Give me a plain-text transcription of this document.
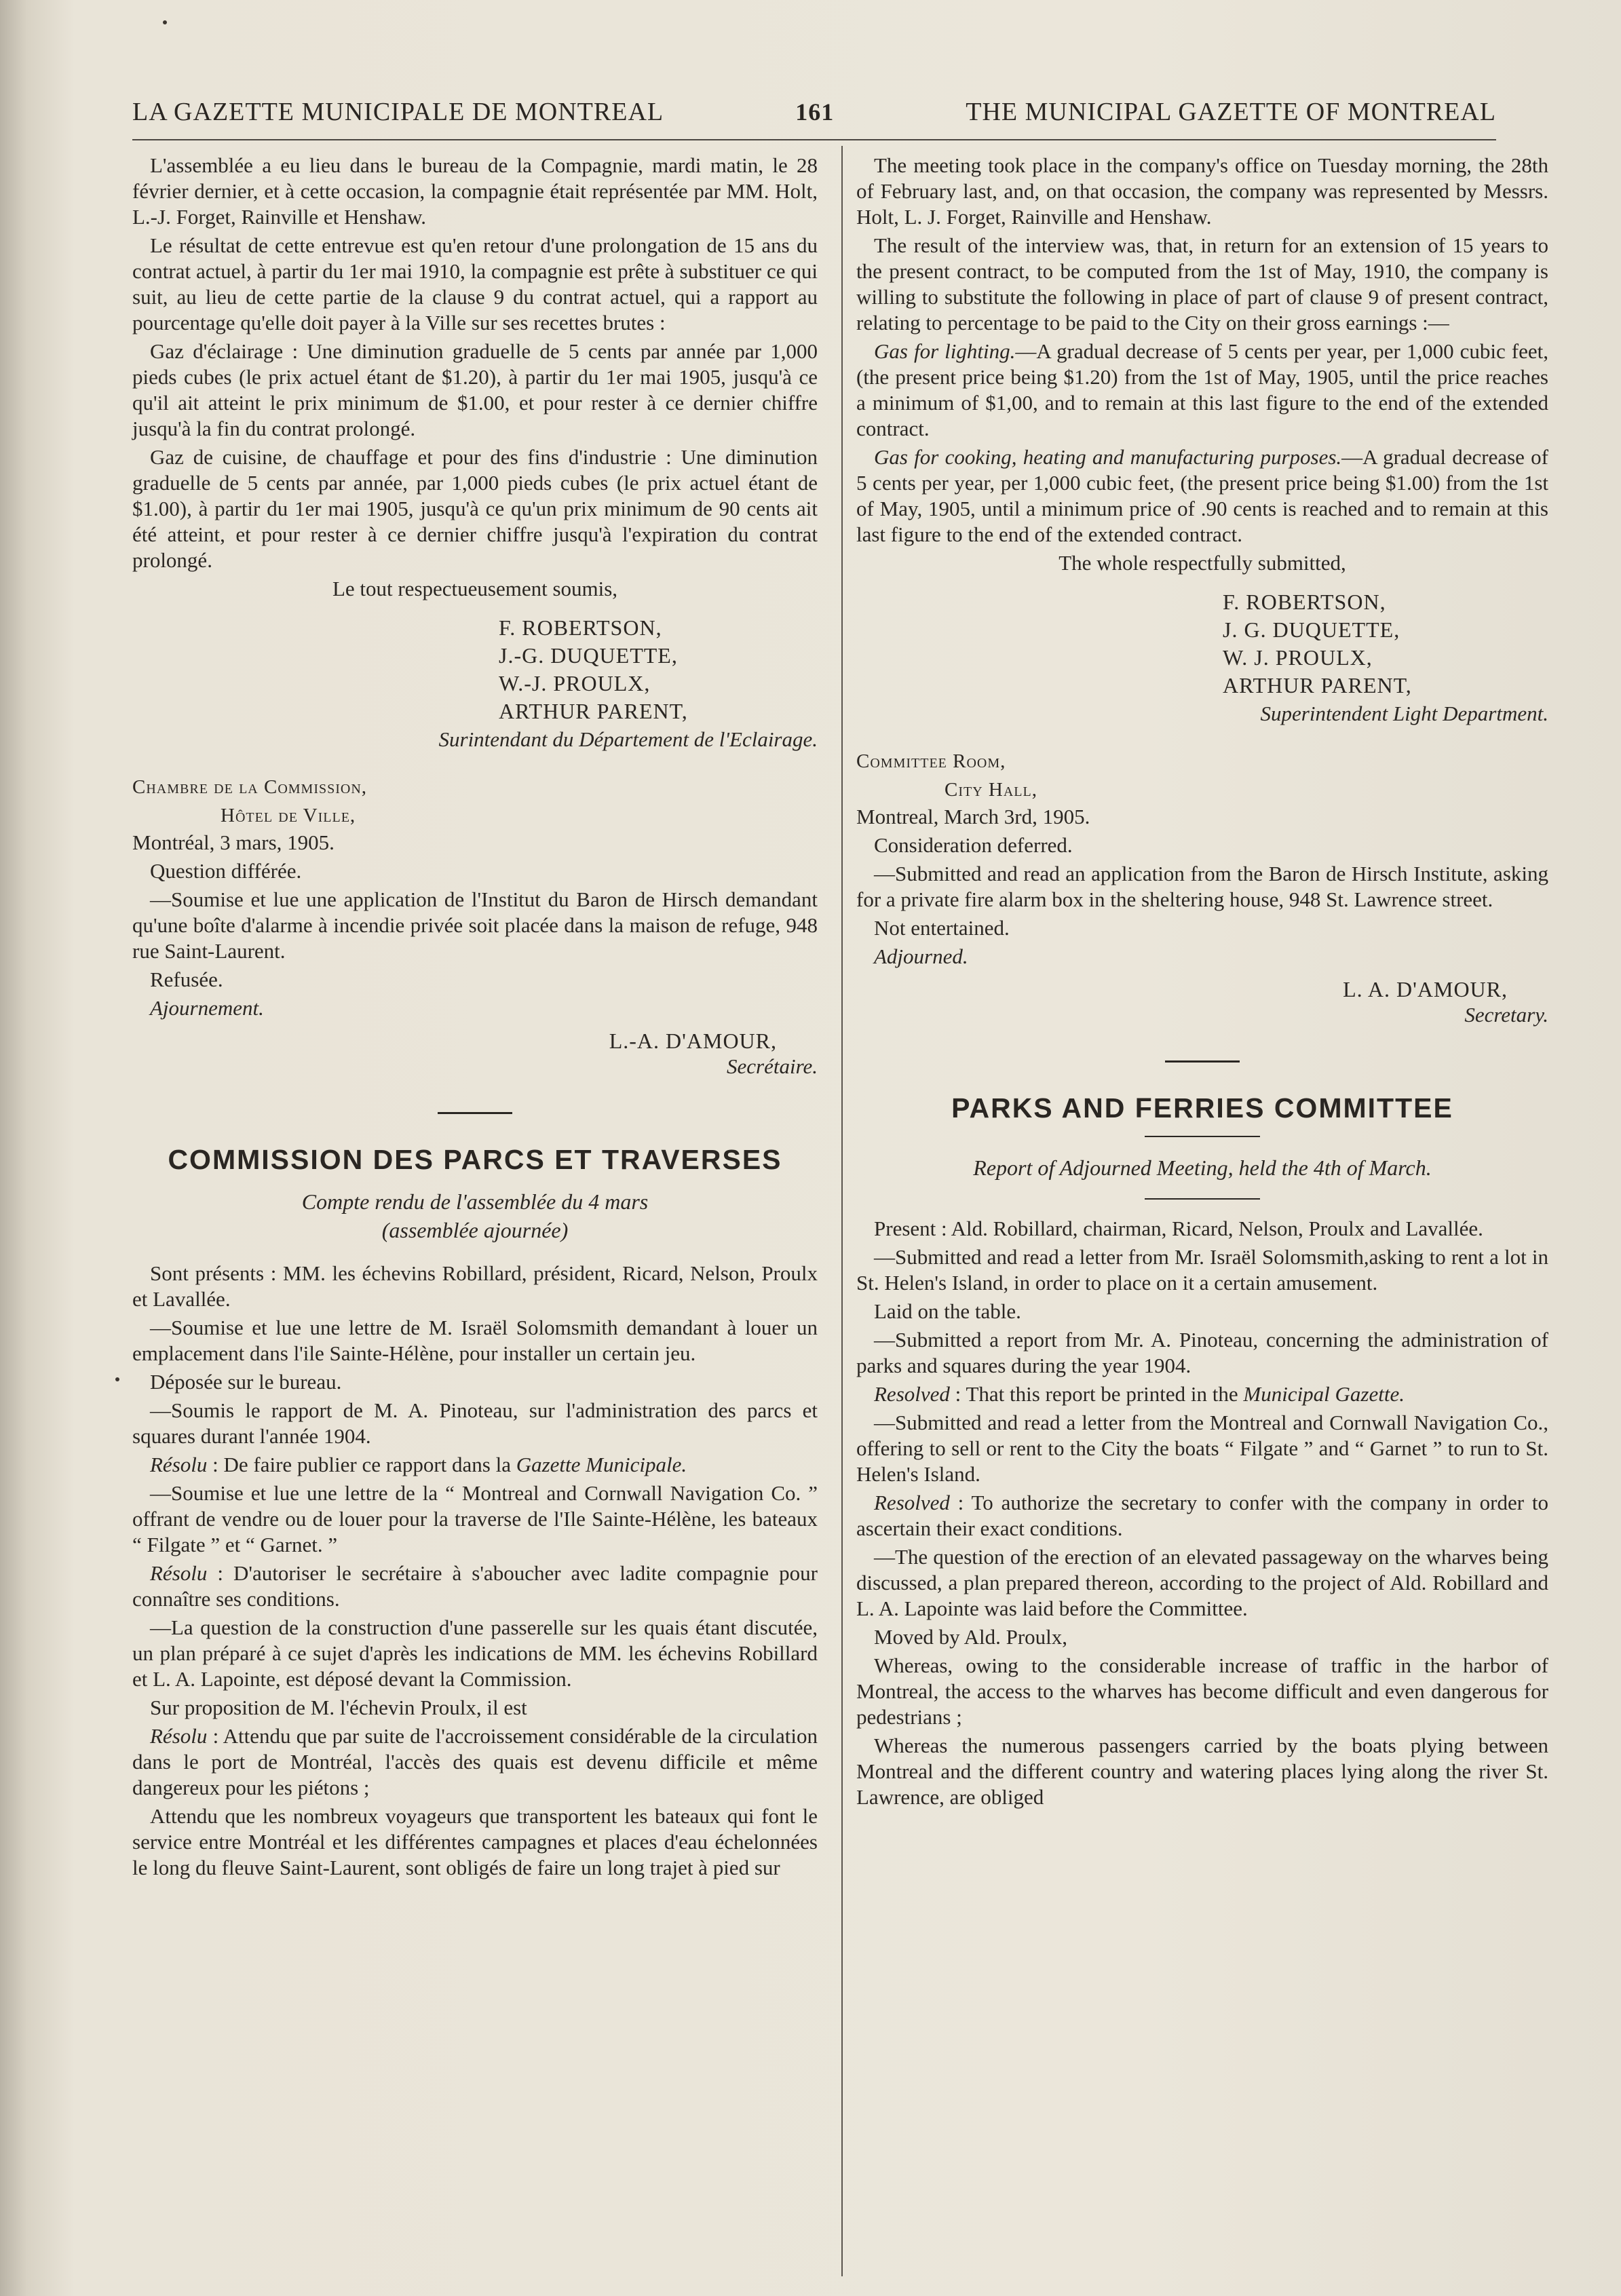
LA GAZETTE MUNICIPALE DE MONTREAL	161	THE MUNICIPAL GAZETTE OF MONTREAL

L'assemblée a eu lieu dans le bureau de la Compagnie, mardi matin, le 28 février dernier, et à cette occasion, la compagnie était représentée par MM. Holt, L.-J. Forget, Rainville et Henshaw.

Le résultat de cette entrevue est qu'en retour d'une prolongation de 15 ans du contrat actuel, à partir du 1er mai 1910, la compagnie est prête à substituer ce qui suit, au lieu de cette partie de la clause 9 du contrat actuel, qui a rapport au pourcentage qu'elle doit payer à la Ville sur ses recettes brutes :

Gaz d'éclairage : Une diminution graduelle de 5 cents par année par 1,000 pieds cubes (le prix actuel étant de $1.20), à partir du 1er mai 1905, jusqu'à ce qu'il ait atteint le prix minimum de $1.00, et pour rester à ce dernier chiffre jusqu'à la fin du contrat prolongé.

Gaz de cuisine, de chauffage et pour des fins d'industrie : Une diminution graduelle de 5 cents par année, par 1,000 pieds cubes (le prix actuel étant de $1.00), à partir du 1er mai 1905, jusqu'à ce qu'un prix minimum de 90 cents ait été atteint, et pour rester à ce dernier chiffre jusqu'à l'expiration du contrat prolongé.

Le tout respectueusement soumis,

F. ROBERTSON,
J.-G. DUQUETTE,
W.-J. PROULX,
ARTHUR PARENT,
Surintendant du Département de l'Eclairage.
Chambre de la Commission,
Hôtel de Ville,

Montréal, 3 mars, 1905.

Question différée.

—Soumise et lue une application de l'Institut du Baron de Hirsch demandant qu'une boîte d'alarme à incendie privée soit placée dans la maison de refuge, 948 rue Saint-Laurent.

Refusée.

Ajournement.

L.-A. D'AMOUR,
Secrétaire.
COMMISSION DES PARCS ET TRAVERSES
Compte rendu de l'assemblée du 4 mars
(assemblée ajournée)

Sont présents : MM. les échevins Robillard, président, Ricard, Nelson, Proulx et Lavallée.

—Soumise et lue une lettre de M. Israël Solomsmith demandant à louer un emplacement dans l'ile Sainte-Hélène, pour installer un certain jeu.

Déposée sur le bureau.

—Soumis le rapport de M. A. Pinoteau, sur l'administration des parcs et squares durant l'année 1904.

Résolu : De faire publier ce rapport dans la Gazette Municipale.

—Soumise et lue une lettre de la “ Montreal and Cornwall Navigation Co. ” offrant de vendre ou de louer pour la traverse de l'Ile Sainte-Hélène, les bateaux “ Filgate ” et “ Garnet. ”

Résolu : D'autoriser le secrétaire à s'aboucher avec ladite compagnie pour connaître ses conditions.

—La question de la construction d'une passerelle sur les quais étant discutée, un plan préparé à ce sujet d'après les indications de MM. les échevins Robillard et L. A. Lapointe, est déposé devant la Commission.

Sur proposition de M. l'échevin Proulx, il est

Résolu : Attendu que par suite de l'accroissement considérable de la circulation dans le port de Montréal, l'accès des quais est devenu difficile et même dangereux pour les piétons ;

Attendu que les nombreux voyageurs que transportent les bateaux qui font le service entre Montréal et les différentes campagnes et places d'eau échelonnées le long du fleuve Saint-Laurent, sont obligés de faire un long trajet à pied sur

The meeting took place in the company's office on Tuesday morning, the 28th of February last, and, on that occasion, the company was represented by Messrs. Holt, L. J. Forget, Rainville and Henshaw.

The result of the interview was, that, in return for an extension of 15 years to the present contract, to be computed from the 1st of May, 1910, the company is willing to substitute the following in place of part of clause 9 of present contract, relating to percentage to be paid to the City on their gross earnings :—

Gas for lighting.—A gradual decrease of 5 cents per year, per 1,000 cubic feet, (the present price being $1.20) from the 1st of May, 1905, until the price reaches a minimum of $1,00, and to remain at this last figure to the end of the extended contract.

Gas for cooking, heating and manufacturing purposes.—A gradual decrease of 5 cents per year, per 1,000 cubic feet, (the present price being $1.00) from the 1st of May, 1905, until a minimum price of .90 cents is reached and to remain at this last figure to the end of the extended contract.

The whole respectfully submitted,

F. ROBERTSON,
J. G. DUQUETTE,
W. J. PROULX,
ARTHUR PARENT,
Superintendent Light Department.
Committee Room,
City Hall,

Montreal, March 3rd, 1905.

Consideration deferred.

—Submitted and read an application from the Baron de Hirsch Institute, asking for a private fire alarm box in the sheltering house, 948 St. Lawrence street.

Not entertained.

Adjourned.

L. A. D'AMOUR,
Secretary.
PARKS AND FERRIES COMMITTEE
Report of Adjourned Meeting, held the 4th of March.

Present : Ald. Robillard, chairman, Ricard, Nelson, Proulx and Lavallée.

—Submitted and read a letter from Mr. Israël Solomsmith,asking to rent a lot in St. Helen's Island, in order to place on it a certain amusement.

Laid on the table.

—Submitted a report from Mr. A. Pinoteau, concerning the administration of parks and squares during the year 1904.

Resolved : That this report be printed in the Municipal Gazette.

—Submitted and read a letter from the Montreal and Cornwall Navigation Co., offering to sell or rent to the City the boats “ Filgate ” and “ Garnet ” to run to St. Helen's Island.

Resolved : To authorize the secretary to confer with the company in order to ascertain their exact conditions.

—The question of the erection of an elevated passageway on the wharves being discussed, a plan prepared thereon, according to the project of Ald. Robillard and L. A. Lapointe was laid before the Committee.

Moved by Ald. Proulx,

Whereas, owing to the considerable increase of traffic in the harbor of Montreal, the access to the wharves has become difficult and even dangerous for pedestrians ;

Whereas the numerous passengers carried by the boats plying between Montreal and the different country and watering places lying along the river St. Lawrence, are obliged
